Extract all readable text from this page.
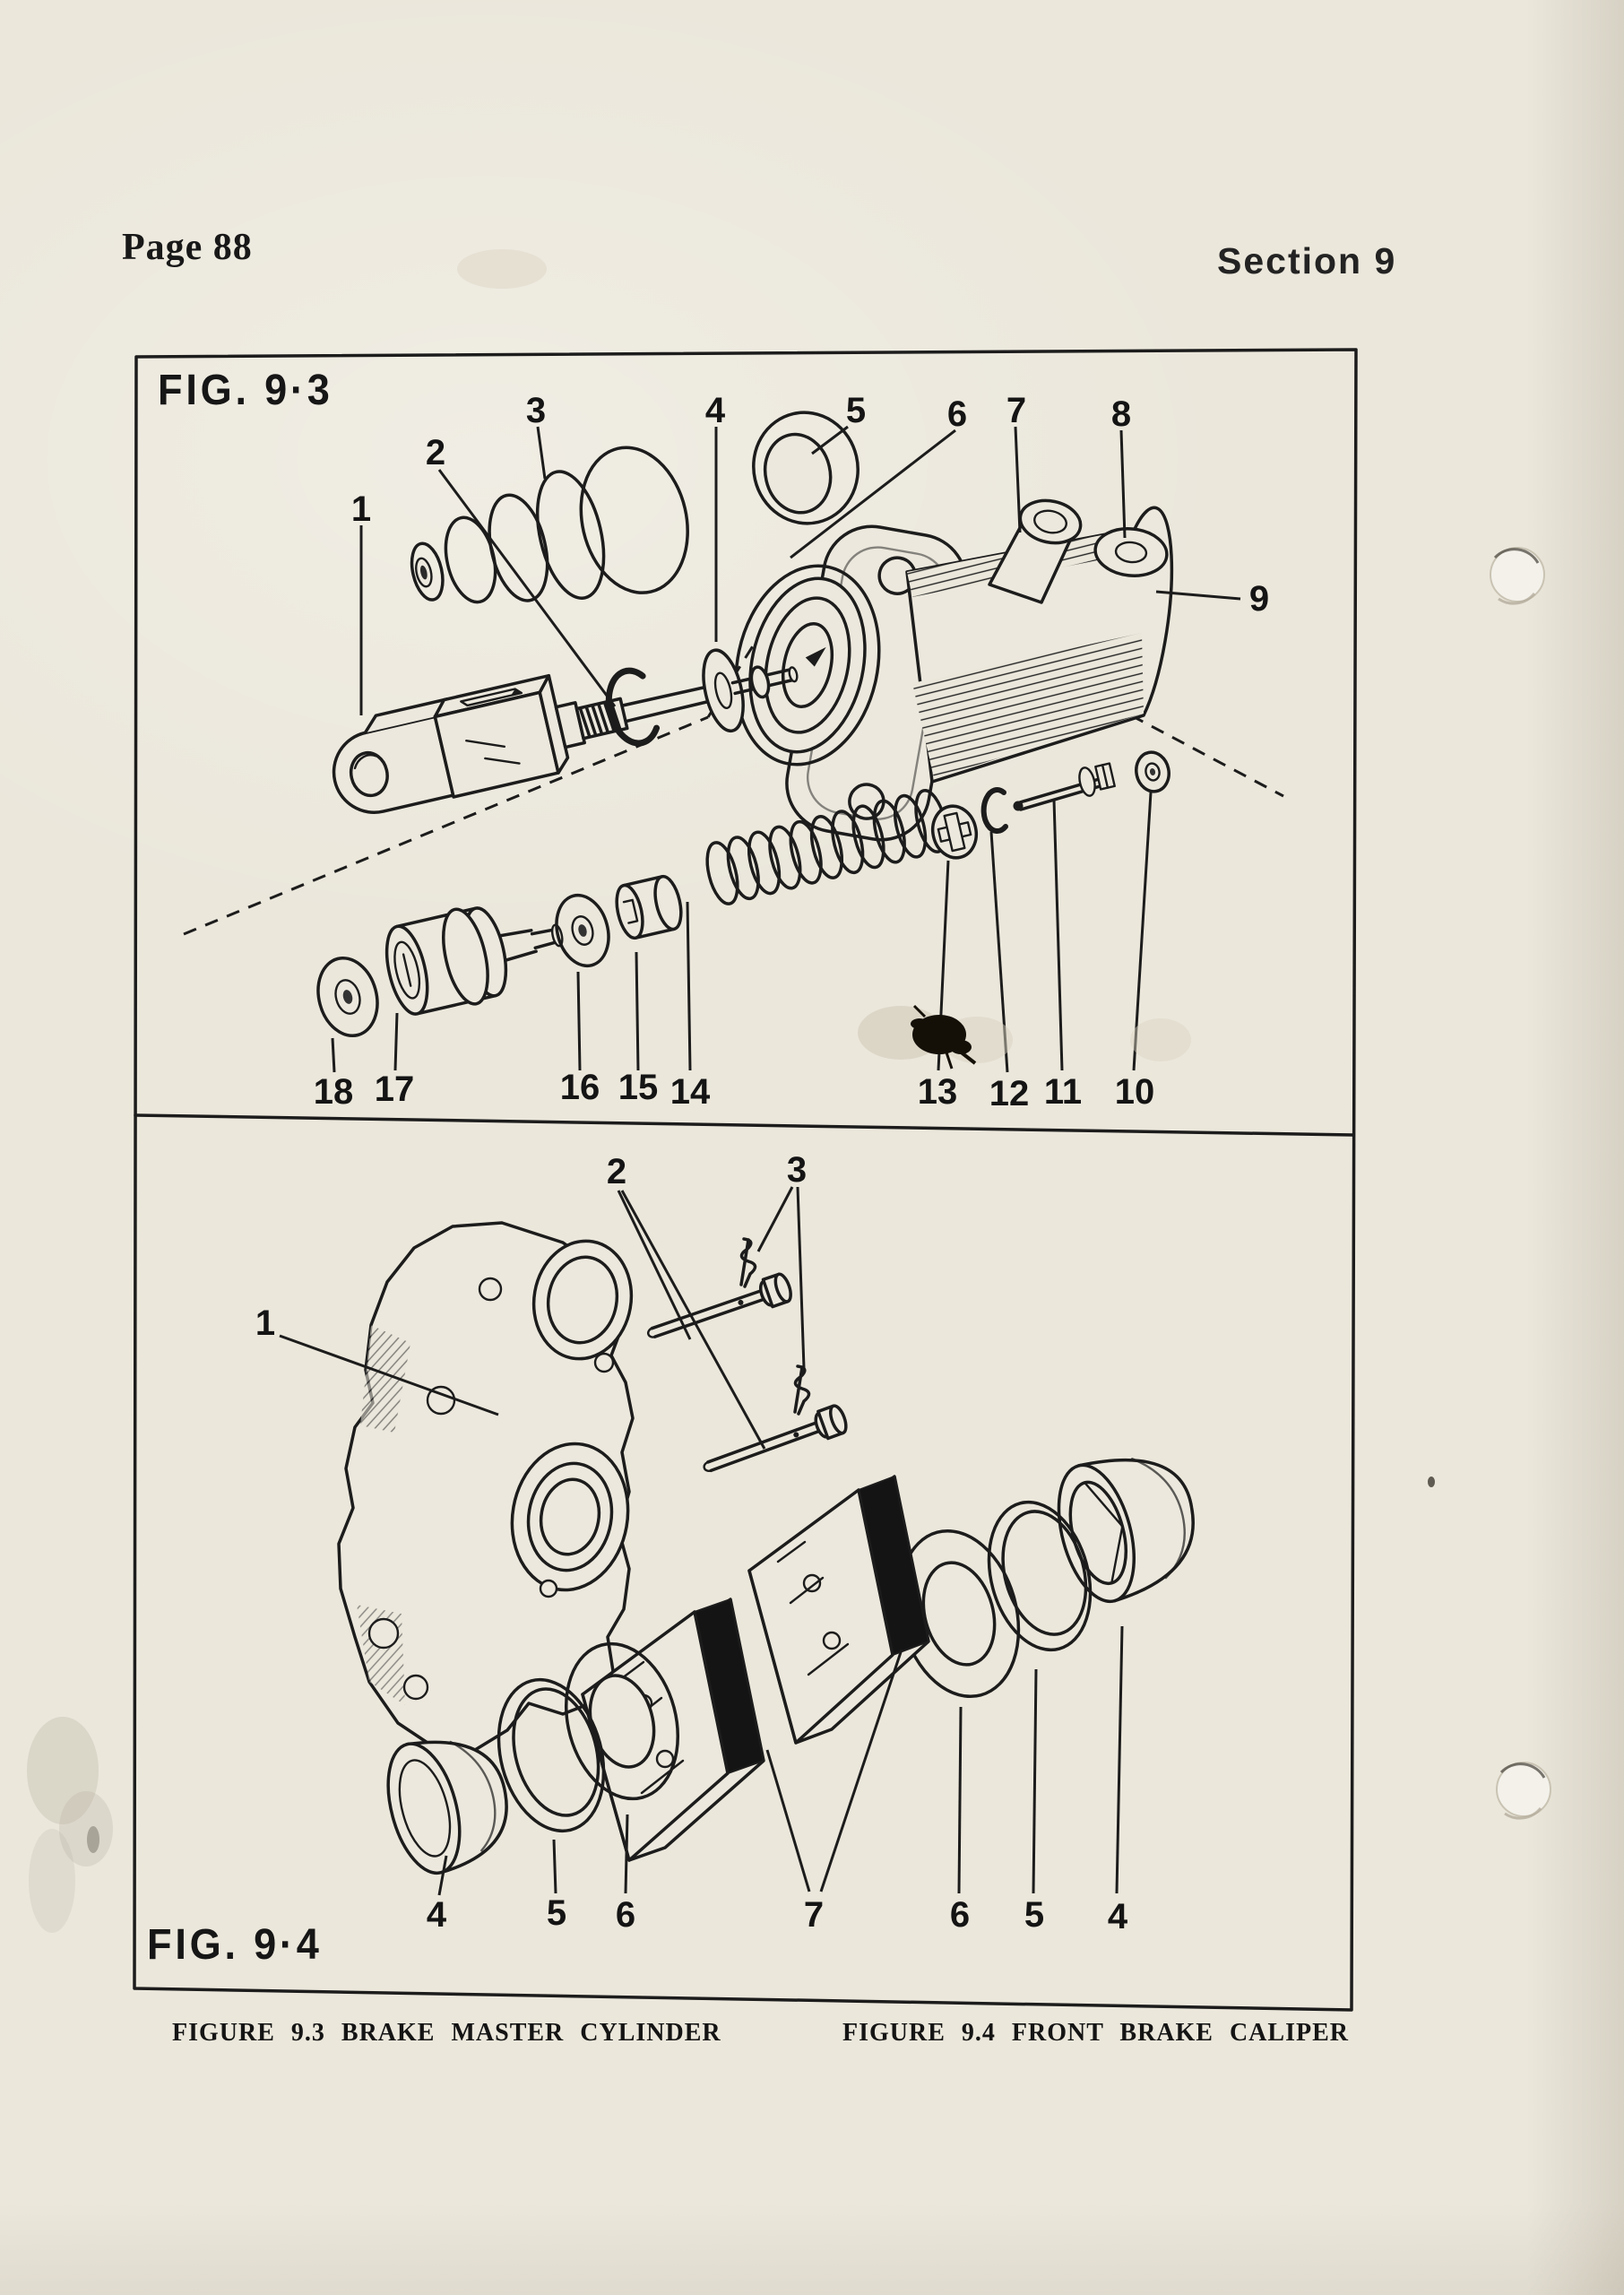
Page 88	Section 9
1
2
3	4	5 6 7 8
9
10
11
12
13
14
15
16
17
18
1
2	3
4	5 6	7	6 5 4
FIG. 9·3
FIG. 9·4
FIGURE 9.3 BRAKE MASTER CYLINDER	FIGURE 9.4 FRONT BRAKE CALIPER
